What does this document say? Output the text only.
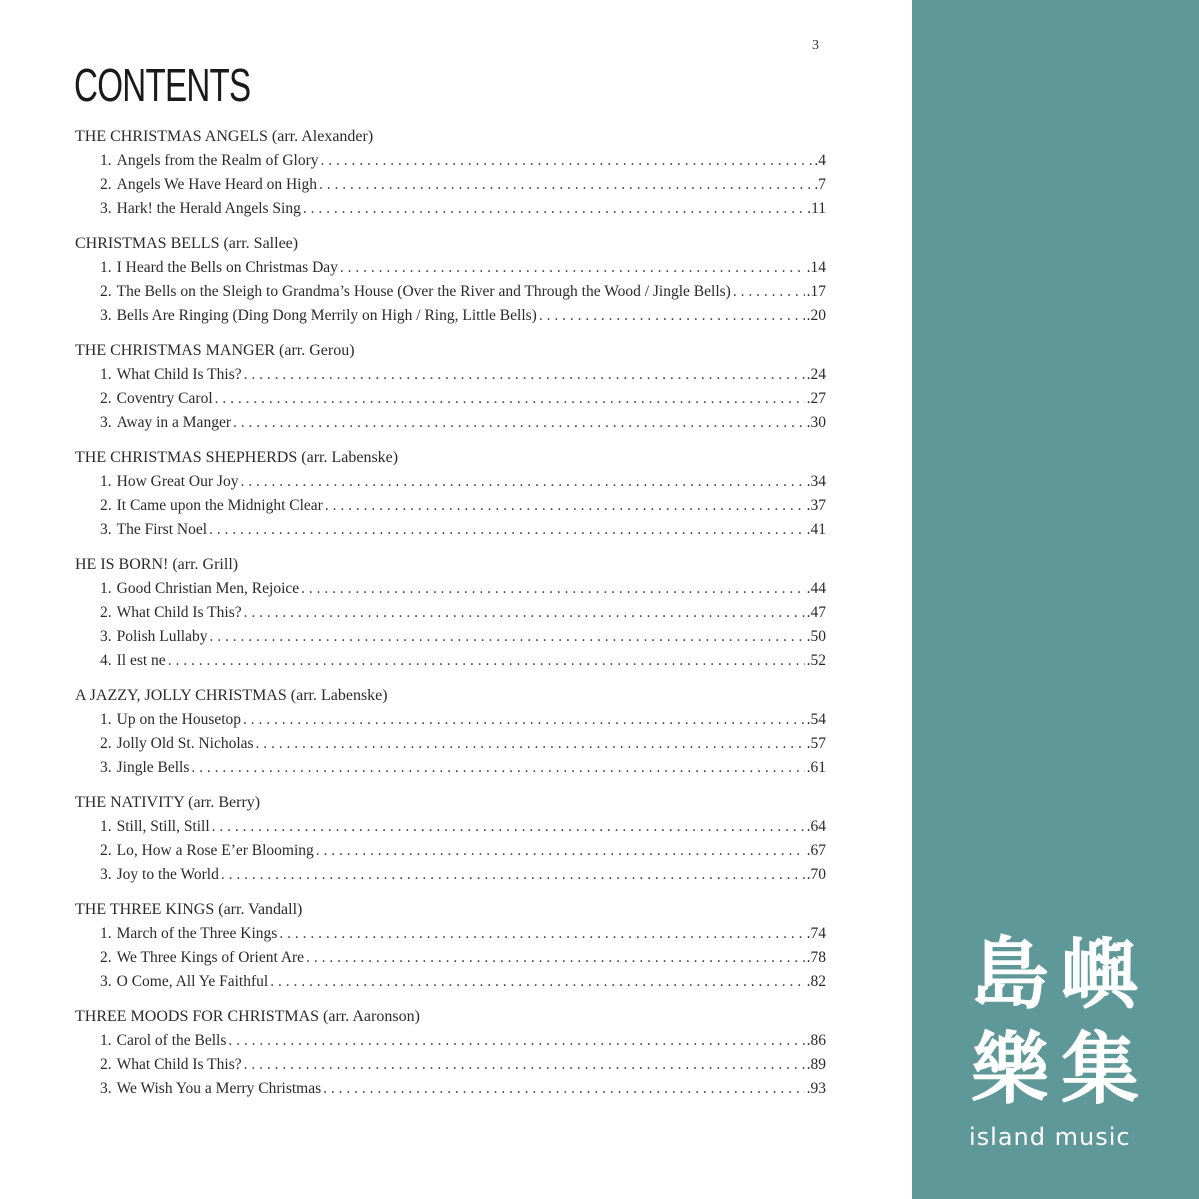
3
CONTENTS
THE CHRISTMAS ANGELS (arr. Alexander)
1. Angels from the Realm of Glory . . .	.4
2. Angels We Have Heard on High . . .	.7
3. Hark! the Herald Angels Sing . . .	.11
CHRISTMAS BELLS (arr. Sallee)
1. I Heard the Bells on Christmas Day . . .	.14
2. The Bells on the Sleigh to Grandma’s House (Over the River and Through the Wood / Jingle Bells) . . .	.17
3. Bells Are Ringing (Ding Dong Merrily on High / Ring, Little Bells) . . .	.20
THE CHRISTMAS MANGER (arr. Gerou)
1. What Child Is This? . . .	.24
2. Coventry Carol . . .	.27
3. Away in a Manger . . .	.30
THE CHRISTMAS SHEPHERDS (arr. Labenske)
1. How Great Our Joy . . .	.34
2. It Came upon the Midnight Clear . . .	.37
3. The First Noel . . .	.41
HE IS BORN! (arr. Grill)
1. Good Christian Men, Rejoice . . .	.44
2. What Child Is This? . . .	.47
3. Polish Lullaby . . .	.50
4. Il est ne . . .	.52
A JAZZY, JOLLY CHRISTMAS (arr. Labenske)
1. Up on the Housetop . . .	.54
2. Jolly Old St. Nicholas . . .	.57
3. Jingle Bells . . .	.61
THE NATIVITY (arr. Berry)
1. Still, Still, Still . . .	.64
2. Lo, How a Rose E’er Blooming . . .	.67
3. Joy to the World . . .	.70
THE THREE KINGS (arr. Vandall)
1. March of the Three Kings . . .	.74
2. We Three Kings of Orient Are . . .	.78
3. O Come, All Ye Faithful . . .	.82
THREE MOODS FOR CHRISTMAS (arr. Aaronson)
1. Carol of the Bells . . .	.86
2. What Child Is This? . . .	.89
3. We Wish You a Merry Christmas . . .	.93
島 嶼
樂 集
island music
